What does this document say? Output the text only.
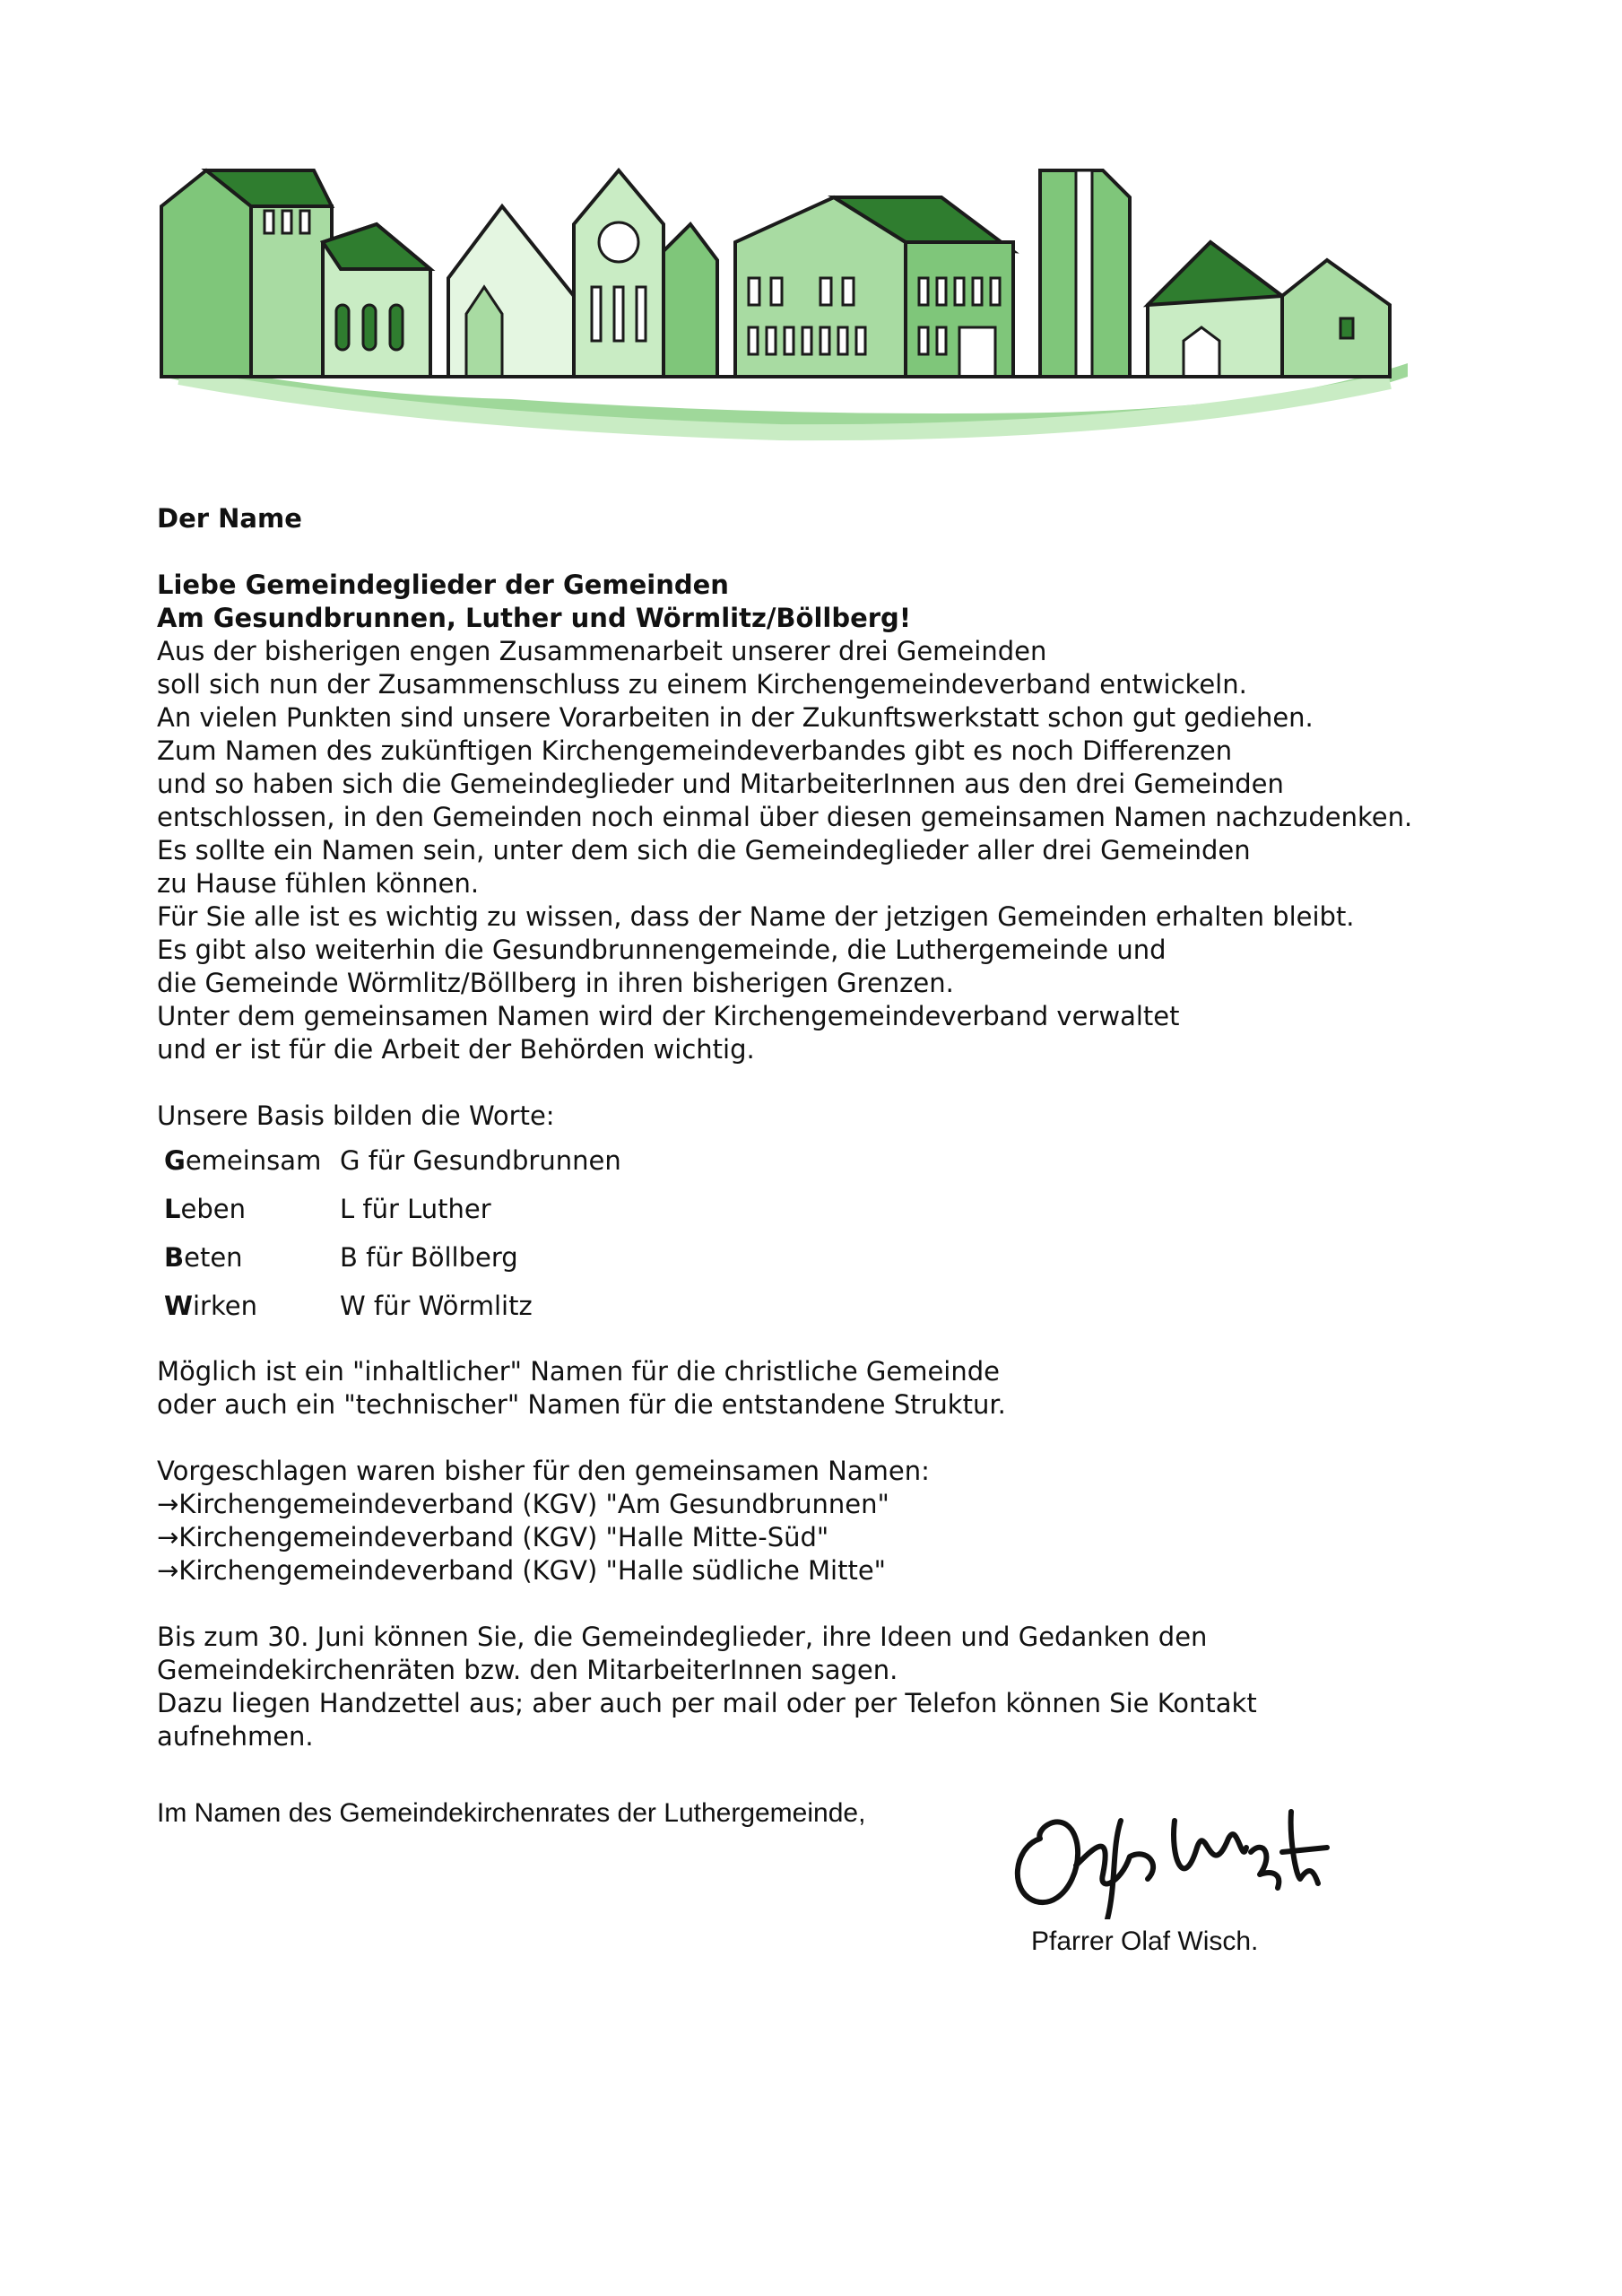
Der Name

Liebe Gemeindeglieder der Gemeinden

Am Gesundbrunnen, Luther und Wörmlitz/Böllberg!

Aus der bisherigen engen Zusammenarbeit unserer drei Gemeinden

soll sich nun der Zusammenschluss zu einem Kirchengemeindeverband entwickeln.

An vielen Punkten sind unsere Vorarbeiten in der Zukunftswerkstatt schon gut gediehen.

Zum Namen des zukünftigen Kirchengemeindeverbandes gibt es noch Differenzen

und so haben sich die Gemeindeglieder und MitarbeiterInnen aus den drei Gemeinden

entschlossen, in den Gemeinden noch einmal über diesen gemeinsamen Namen nachzudenken.

Es sollte ein Namen sein, unter dem sich die Gemeindeglieder aller drei Gemeinden

zu Hause fühlen können.

Für Sie alle ist es wichtig zu wissen, dass der Name der jetzigen Gemeinden erhalten bleibt.

Es gibt also weiterhin die Gesundbrunnengemeinde, die Luthergemeinde und

die Gemeinde Wörmlitz/Böllberg in ihren bisherigen Grenzen.

Unter dem gemeinsamen Namen wird der Kirchengemeindeverband verwaltet

und er ist für die Arbeit der Behörden wichtig.

Unsere Basis bilden die Worte:

Gemeinsam	G für Gesundbrunnen
Leben	L für Luther
Beten	B für Böllberg
Wirken	W für Wörmlitz

Möglich ist ein "inhaltlicher" Namen für die christliche Gemeinde

oder auch ein "technischer" Namen für die entstandene Struktur.

Vorgeschlagen waren bisher für den gemeinsamen Namen:

→Kirchengemeindeverband (KGV) "Am Gesundbrunnen"

→Kirchengemeindeverband (KGV) "Halle Mitte-Süd"

→Kirchengemeindeverband (KGV) "Halle südliche Mitte"

Bis zum 30. Juni können Sie, die Gemeindeglieder, ihre Ideen und Gedanken den

Gemeindekirchenräten bzw. den MitarbeiterInnen sagen.

Dazu liegen Handzettel aus; aber auch per mail oder per Telefon können Sie Kontakt

aufnehmen.

Im Namen des Gemeindekirchenrates der Luthergemeinde,
Pfarrer Olaf Wisch.
